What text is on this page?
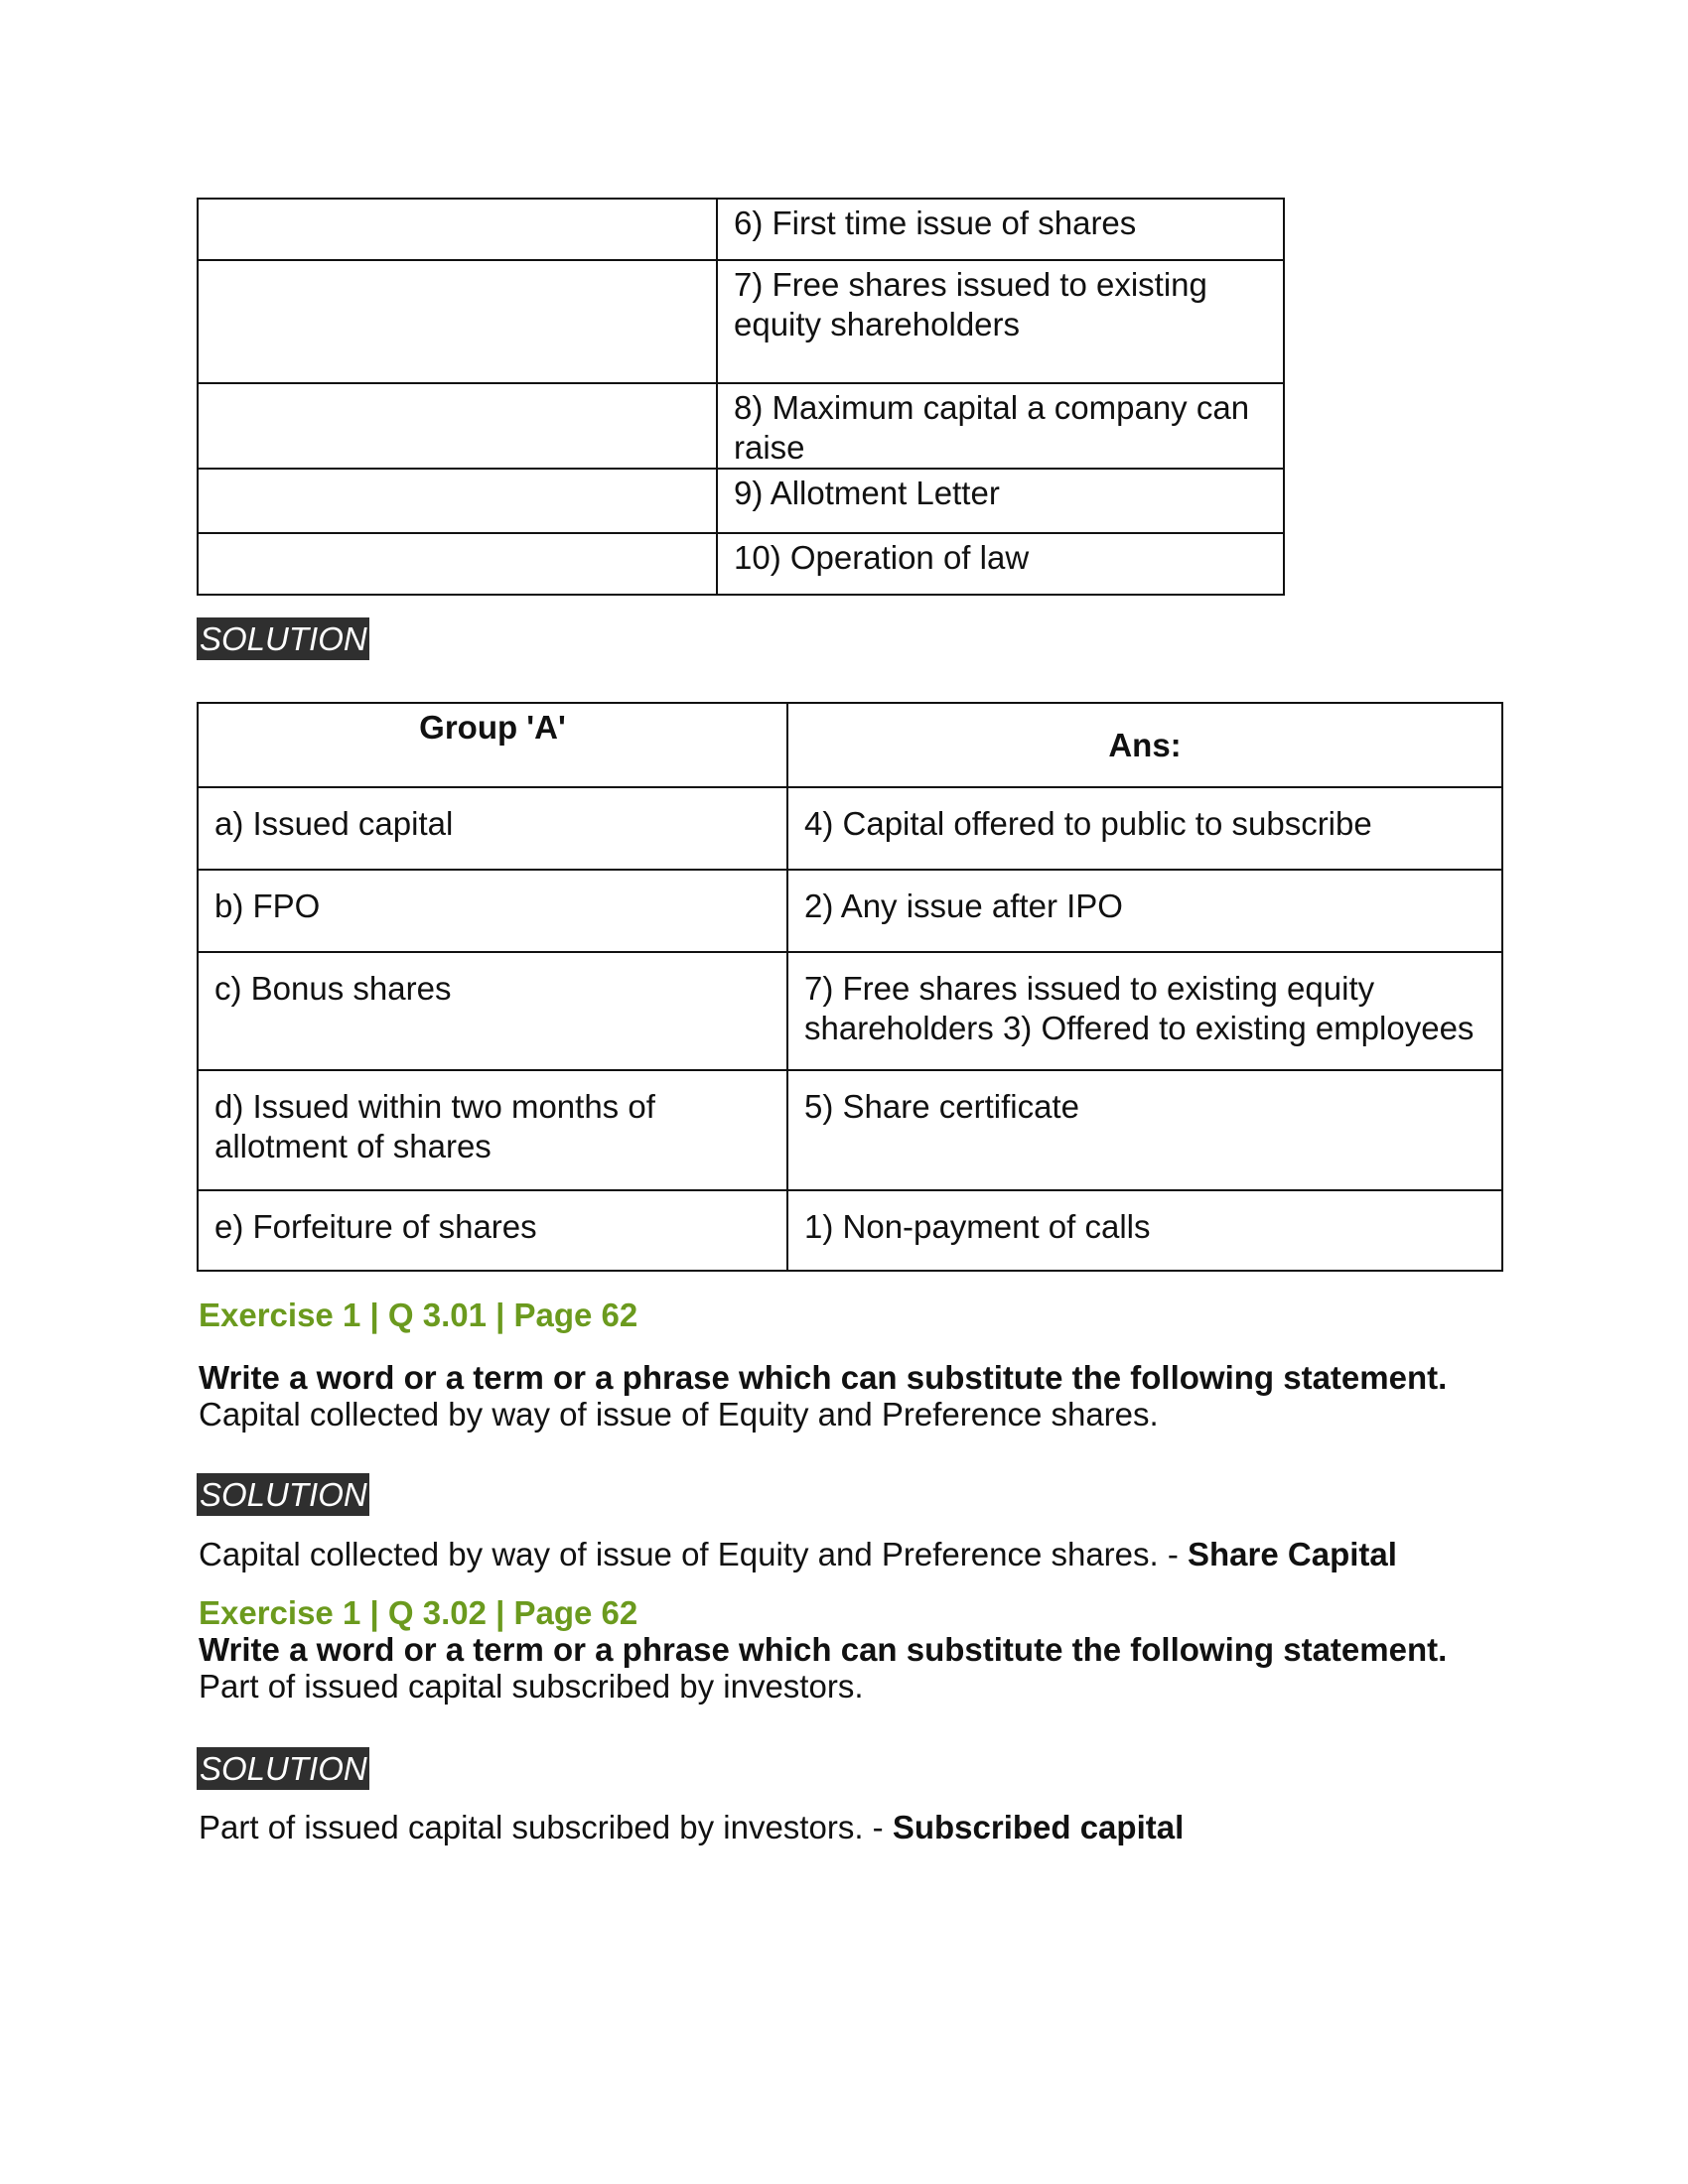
	6) First time issue of shares
	7) Free shares issued to existing equity shareholders
	8) Maximum capital a company can raise
	9) Allotment Letter
	10) Operation of law
SOLUTION
Group 'A'	Ans:
a) Issued capital	4) Capital offered to public to subscribe
b) FPO	2) Any issue after IPO
c) Bonus shares	7) Free shares issued to existing equity shareholders 3) Offered to existing employees
d) Issued within two months of allotment of shares	5) Share certificate
e) Forfeiture of shares	1) Non-payment of calls
Exercise 1 | Q 3.01 | Page 62
Write a word or a term or a phrase which can substitute the following statement.
Capital collected by way of issue of Equity and Preference shares.
SOLUTION
Capital collected by way of issue of Equity and Preference shares. - Share Capital
Exercise 1 | Q 3.02 | Page 62
Write a word or a term or a phrase which can substitute the following statement.
Part of issued capital subscribed by investors.
SOLUTION
Part of issued capital subscribed by investors. - Subscribed capital
